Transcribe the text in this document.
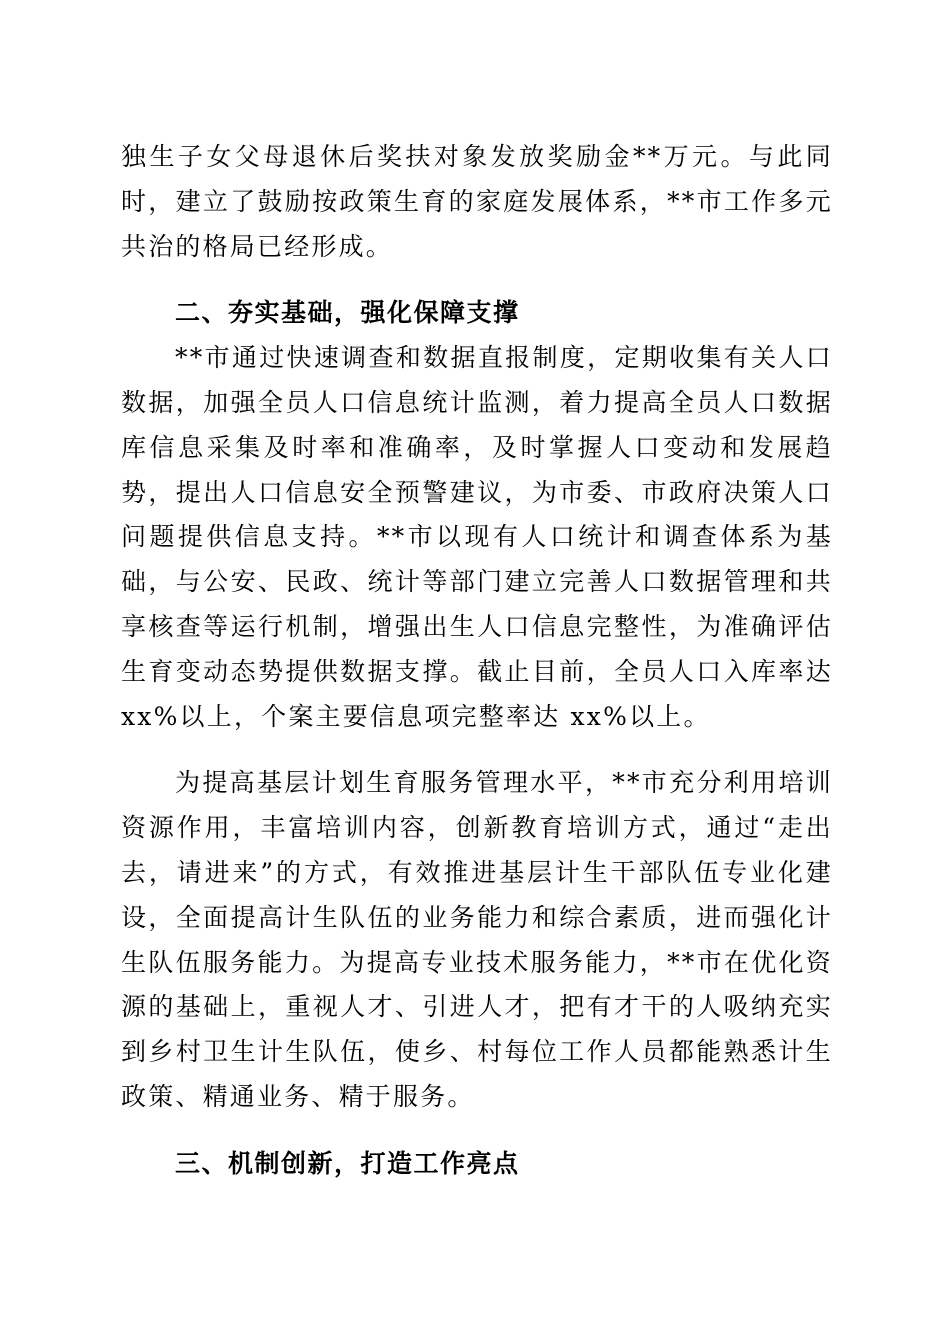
独生子女父母退休后奖扶对象发放奖励金**万元。与此同时，建立了鼓励按政策生育的家庭发展体系，**市工作多元共治的格局已经形成。

二、夯实基础，强化保障支撑

**市通过快速调查和数据直报制度，定期收集有关人口数据，加强全员人口信息统计监测，着力提高全员人口数据库信息采集及时率和准确率，及时掌握人口变动和发展趋势，提出人口信息安全预警建议，为市委、市政府决策人口问题提供信息支持。**市以现有人口统计和调查体系为基础，与公安、民政、统计等部门建立完善人口数据管理和共享核查等运行机制，增强出生人口信息完整性，为准确评估生育变动态势提供数据支撑。截止目前，全员人口入库率达 xx%以上，个案主要信息项完整率达 xx%以上。

为提高基层计划生育服务管理水平，**市充分利用培训资源作用，丰富培训内容，创新教育培训方式，通过“走出去，请进来”的方式，有效推进基层计生干部队伍专业化建设，全面提高计生队伍的业务能力和综合素质，进而强化计生队伍服务能力。为提高专业技术服务能力，**市在优化资源的基础上，重视人才、引进人才，把有才干的人吸纳充实到乡村卫生计生队伍，使乡、村每位工作人员都能熟悉计生政策、精通业务、精于服务。

三、机制创新，打造工作亮点
